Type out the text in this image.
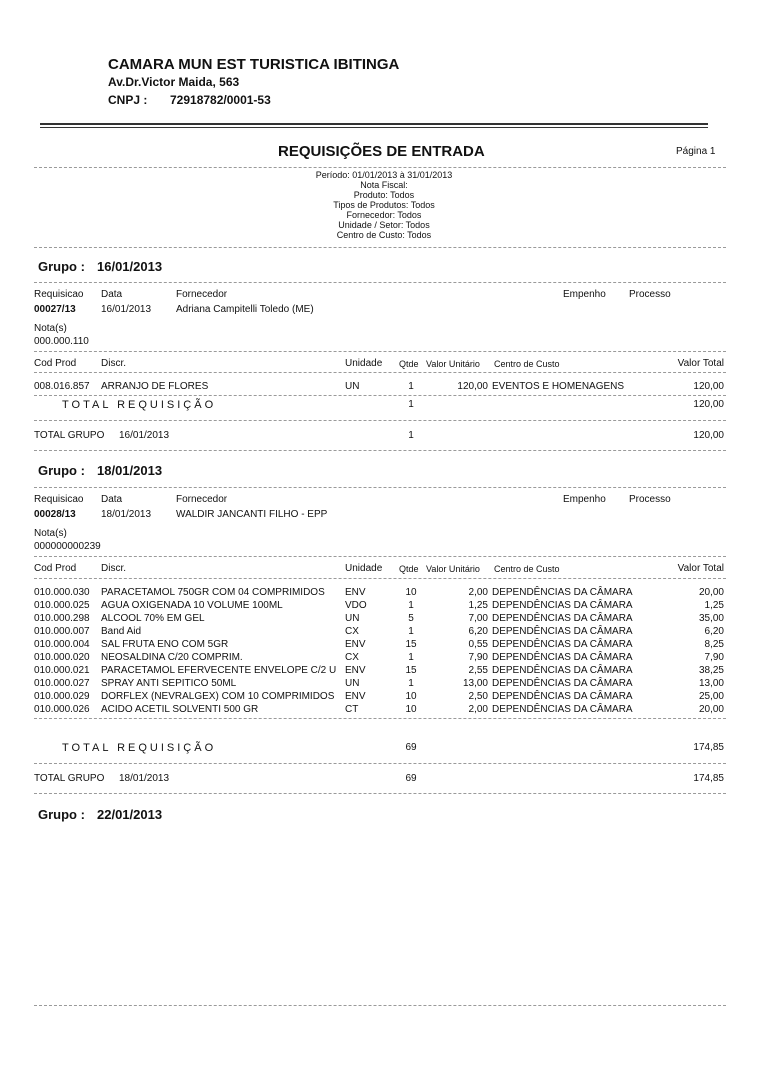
CAMARA MUN EST TURISTICA IBITINGA
Av.Dr.Victor Maida, 563
CNPJ : 72918782/0001-53
REQUISIÇÕES DE ENTRADA	Página 1
Período: 01/01/2013 à 31/01/2013
Nota Fiscal:
Produto: Todos
Tipos de Produtos: Todos
Fornecedor: Todos
Unidade / Setor: Todos
Centro de Custo: Todos
Grupo : 16/01/2013
Requisicao Data	Fornecedor	Empenho Processo
00027/13	16/01/2013 Adriana Campitelli Toledo (ME)
Nota(s)
000.000.110
Cod Prod Discr.	Unidade Qtde Valor Unitário Centro de Custo	Valor Total
008.016.857 ARRANJO DE FLORES	UN	1	120,00 EVENTOS E HOMENAGENS	120,00
TOTAL REQUISIÇÃO	1	120,00
TOTAL GRUPO 16/01/2013	1	120,00
Grupo : 18/01/2013
Requisicao Data	Fornecedor	Empenho Processo
00028/13	18/01/2013 WALDIR JANCANTI FILHO - EPP
Nota(s)
000000000239
Cod Prod Discr.	Unidade Qtde Valor Unitário Centro de Custo	Valor Total
010.000.030 PARACETAMOL 750GR COM 04 COMPRIMIDOS	ENV	10	2,00 DEPENDÊNCIAS DA CÂMARA	20,00
010.000.025 AGUA OXIGENADA 10 VOLUME 100ML	VDO	1	1,25 DEPENDÊNCIAS DA CÂMARA	1,25
010.000.298 ALCOOL 70% EM GEL	UN	5	7,00 DEPENDÊNCIAS DA CÂMARA	35,00
010.000.007 Band Aid	CX	1	6,20 DEPENDÊNCIAS DA CÂMARA	6,20
010.000.004 SAL FRUTA ENO COM 5GR	ENV	15	0,55 DEPENDÊNCIAS DA CÂMARA	8,25
010.000.020 NEOSALDINA C/20 COMPRIM.	CX	1	7,90 DEPENDÊNCIAS DA CÂMARA	7,90
010.000.021 PARACETAMOL EFERVECENTE ENVELOPE C/2 U ENV	15	2,55 DEPENDÊNCIAS DA CÂMARA	38,25
010.000.027 SPRAY ANTI SEPITICO 50ML	UN	1	13,00 DEPENDÊNCIAS DA CÂMARA	13,00
010.000.029 DORFLEX (NEVRALGEX) COM 10 COMPRIMIDOS	ENV	10	2,50 DEPENDÊNCIAS DA CÂMARA	25,00
010.000.026 ACIDO ACETIL SOLVENTI 500 GR	CT	10	2,00 DEPENDÊNCIAS DA CÂMARA	20,00
TOTAL REQUISIÇÃO	69	174,85
TOTAL GRUPO 18/01/2013	69	174,85
Grupo : 22/01/2013
